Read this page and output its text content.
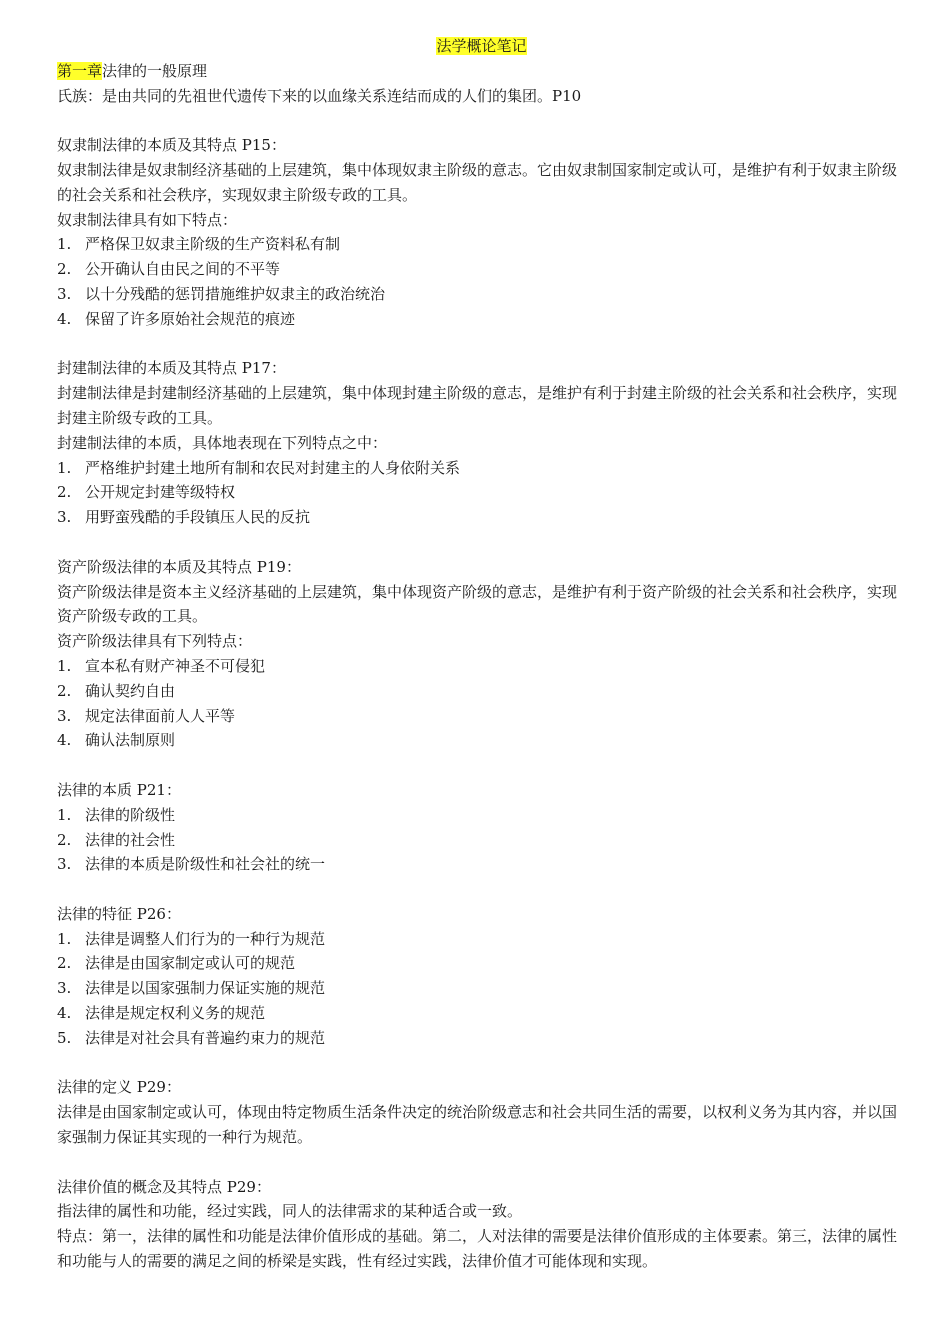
法学概论笔记

第一章法律的一般原理

氏族：是由共同的先祖世代遗传下来的以血缘关系连结而成的人们的集团。P10

奴隶制法律的本质及其特点 P15：

奴隶制法律是奴隶制经济基础的上层建筑，集中体现奴隶主阶级的意志。它由奴隶制国家制定或认可，是维护有利于奴隶主阶级的社会关系和社会秩序，实现奴隶主阶级专政的工具。

奴隶制法律具有如下特点：

1. 严格保卫奴隶主阶级的生产资料私有制

2. 公开确认自由民之间的不平等

3. 以十分残酷的惩罚措施维护奴隶主的政治统治

4. 保留了许多原始社会规范的痕迹

封建制法律的本质及其特点 P17：

封建制法律是封建制经济基础的上层建筑，集中体现封建主阶级的意志，是维护有利于封建主阶级的社会关系和社会秩序，实现封建主阶级专政的工具。

封建制法律的本质，具体地表现在下列特点之中：

1. 严格维护封建土地所有制和农民对封建主的人身依附关系

2. 公开规定封建等级特权

3. 用野蛮残酷的手段镇压人民的反抗

资产阶级法律的本质及其特点 P19：

资产阶级法律是资本主义经济基础的上层建筑，集中体现资产阶级的意志，是维护有利于资产阶级的社会关系和社会秩序，实现资产阶级专政的工具。

资产阶级法律具有下列特点：

1. 宣本私有财产神圣不可侵犯

2. 确认契约自由

3. 规定法律面前人人平等

4. 确认法制原则

法律的本质 P21：

1. 法律的阶级性

2. 法律的社会性

3. 法律的本质是阶级性和社会社的统一

法律的特征 P26：

1. 法律是调整人们行为的一种行为规范

2. 法律是由国家制定或认可的规范

3. 法律是以国家强制力保证实施的规范

4. 法律是规定权利义务的规范

5. 法律是对社会具有普遍约束力的规范

法律的定义 P29：

法律是由国家制定或认可，体现由特定物质生活条件决定的统治阶级意志和社会共同生活的需要，以权利义务为其内容，并以国家强制力保证其实现的一种行为规范。

法律价值的概念及其特点 P29：

指法律的属性和功能，经过实践，同人的法律需求的某种适合或一致。

特点：第一，法律的属性和功能是法律价值形成的基础。第二，人对法律的需要是法律价值形成的主体要素。第三，法律的属性和功能与人的需要的满足之间的桥梁是实践，性有经过实践，法律价值才可能体现和实现。
